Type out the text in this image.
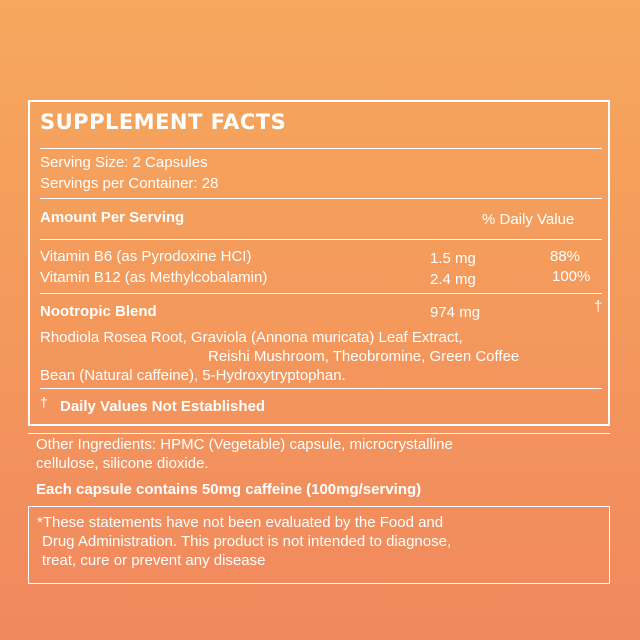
SUPPLEMENT FACTS
Serving Size: 2 Capsules
Servings per Container: 28
Amount Per Serving	% Daily Value
Vitamin B6 (as Pyrodoxine HCI)	1.5 mg	88%
Vitamin B12 (as Methylcobalamin)	2.4 mg	100%
Nootropic Blend	974 mg	†
Rhodiola Rosea Root, Graviola (Annona muricata) Leaf Extract,
Reishi Mushroom, Theobromine, Green Coffee
Bean (Natural caffeine), 5-Hydroxytryptophan.
† Daily Values Not Established
Other Ingredients: HPMC (Vegetable) capsule, microcrystalline
cellulose, silicone dioxide.
Each capsule contains 50mg caffeine (100mg/serving)
*These statements have not been evaluated by the Food and
Drug Administration. This product is not intended to diagnose,
treat, cure or prevent any disease
